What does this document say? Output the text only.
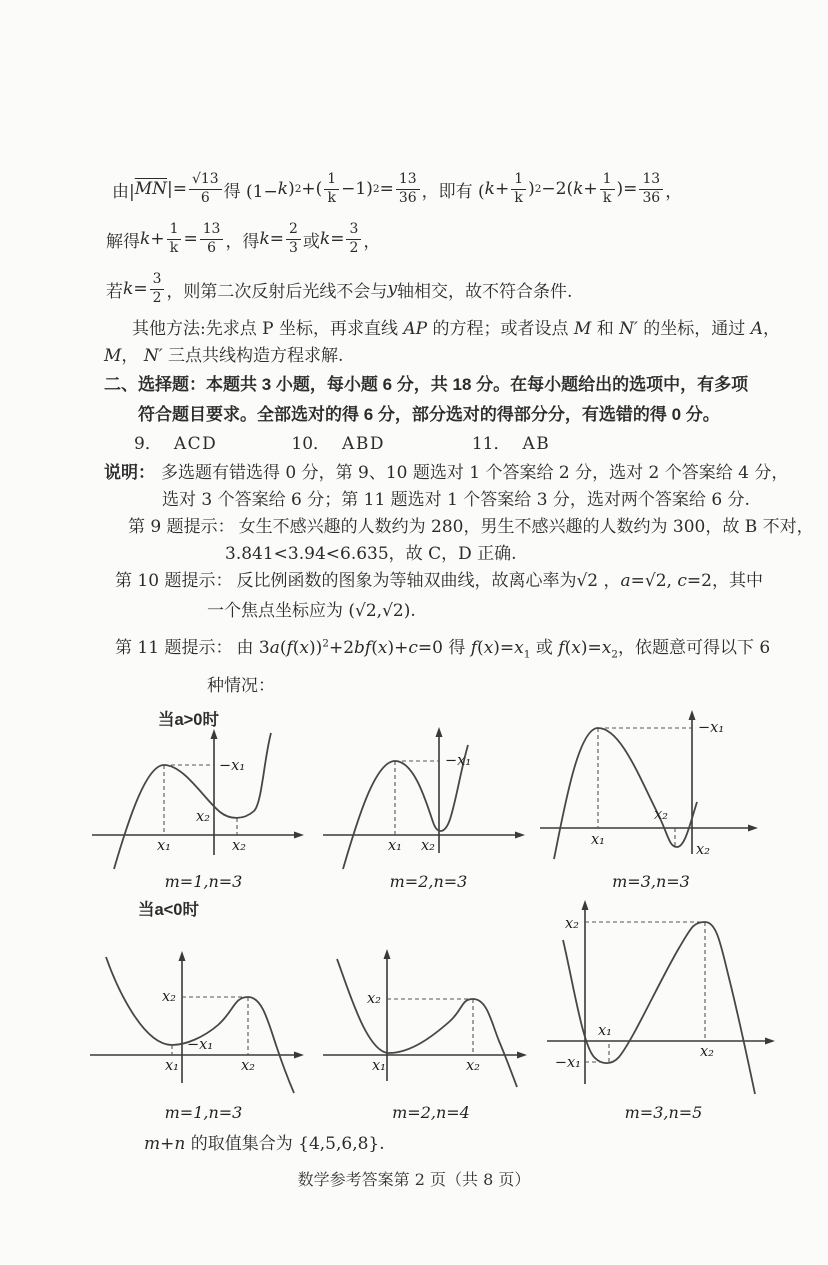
由| $\overline{MN}$ |= $\frac{√13}{6}$ 得 (1− k ) 2 +( $\frac{1}{k} -1$) $2 = \frac{13}{36}$ ，即有 ( $k + \frac{1}{k}$ ) 2 −2( $k + \frac{1}{k}$ )= $\frac{13}{36}$ ，
解得 $k + \frac{1}{k} = \frac{13}{6}$ ，得 $k = \frac{2}{3}$ 或 $k = \frac{3}{2}$ ，
若 $k = \frac{3}{2}$ ，则第二次反射后光线不会与 y 轴相交，故不符合条件.
其他方法:先求点 P 坐标，再求直线 AP 的方程；或者设点 M 和 N′ 的坐标，通过 A，
M， N′ 三点共线构造方程求解.
二、选择题：本题共 3 小题，每小题 6 分，共 18 分。在每小题给出的选项中，有多项
符合题目要求。全部选对的得 6 分，部分选对的得部分分，有选错的得 0 分。
9． ACD	10． ABD	11． AB
说明： 多选题有错选得 0 分，第 9、10 题选对 1 个答案给 2 分，选对 2 个答案给 4 分，
选对 3 个答案给 6 分；第 11 题选对 1 个答案给 3 分，选对两个答案给 6 分.
第 9 题提示： 女生不感兴趣的人数约为 280，男生不感兴趣的人数约为 300，故 B 不对，
3.841<3.94<6.635，故 C，D 正确.
第 10 题提示： 反比例函数的图象为等轴双曲线，故离心率为√2 ，a=√2, c=2，其中
一个焦点坐标应为 (√2,√2).
第 11 题提示： 由 $3a(f(x))^2+2bf(x)+c=0$ 得 $f(x)=x_1$ 或 $f(x)=x_2$，依题意可得以下 6
种情况：
当a>0时
x₁
−x₁
x₂
x₂
m=1,n=3
x₁
−x₁
x₂
m=2,n=3
x₁
−x₁
x₂
x₂
m=3,n=3
当a<0时
x₂
−x₁
x₁	x₂
m=1,n=3
x₂
x₁	x₂
m=2,n=4
x₂
x₁
−x₁
x₂
m=3,n=5
m+n 的取值集合为 {4,5,6,8}.
数学参考答案第 2 页（共 8 页）
